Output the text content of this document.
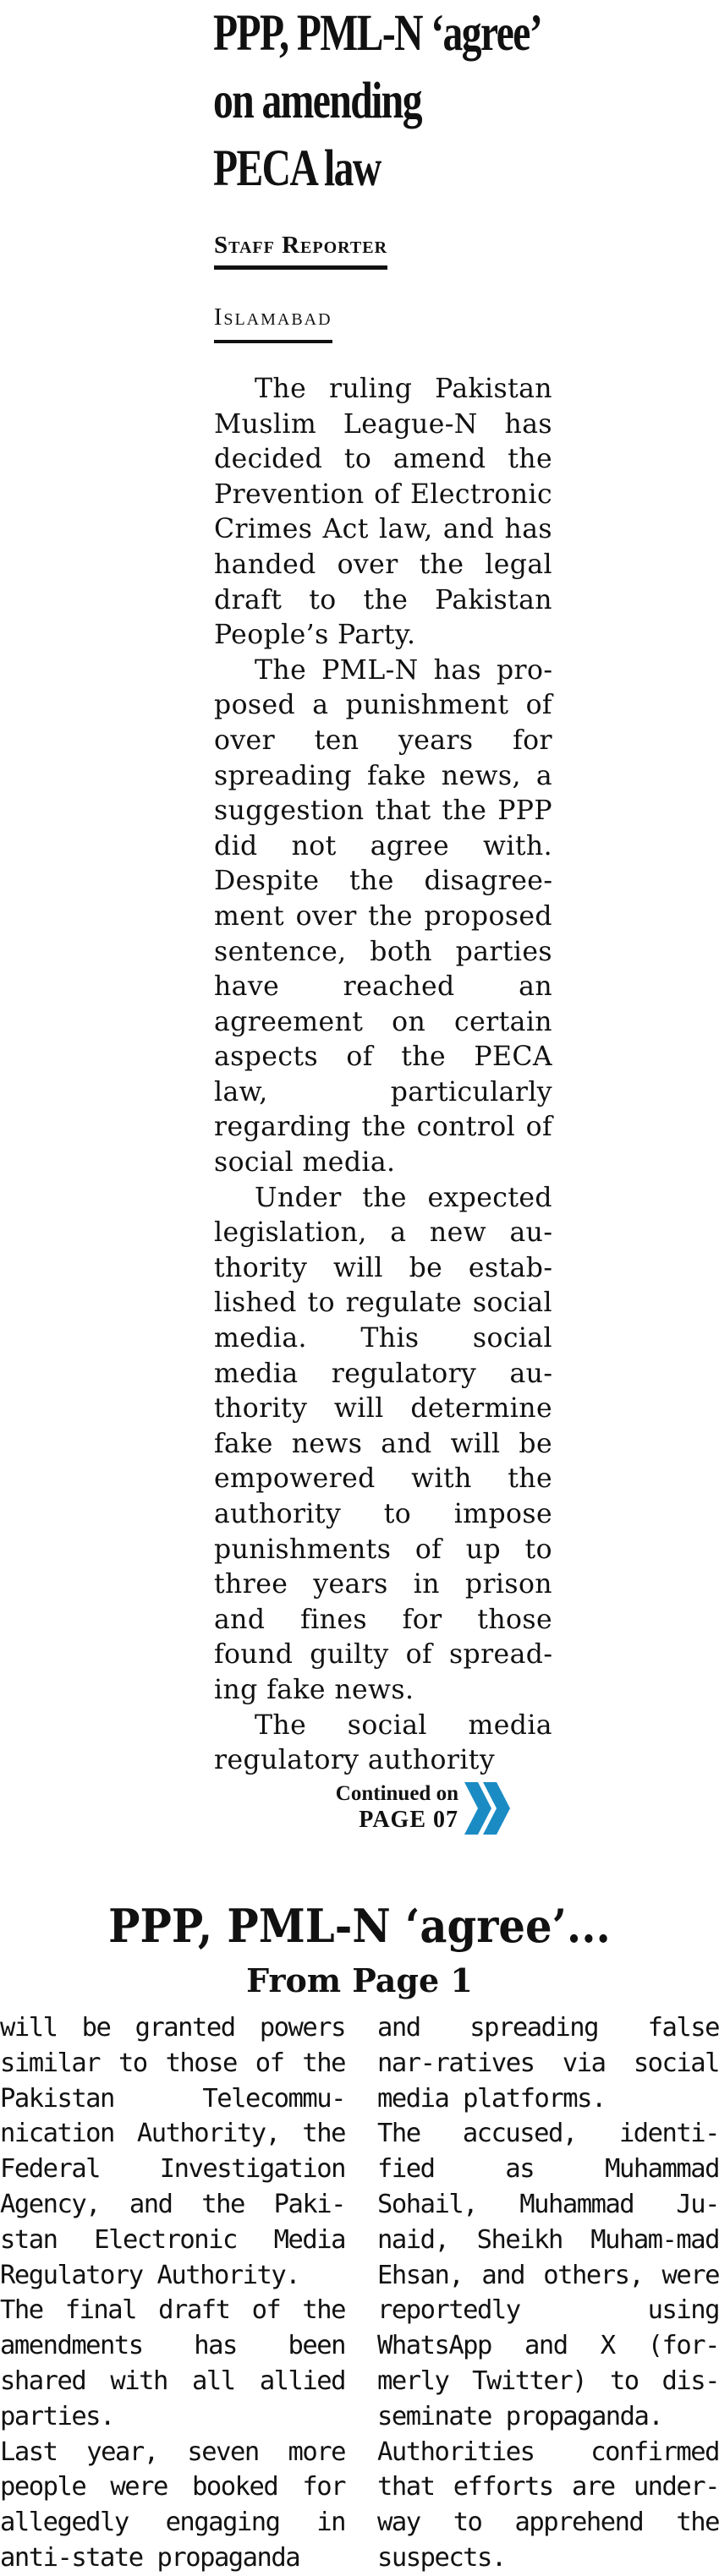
PPP, PML-N ‘agree’
on amending
PECA law
Staff Reporter
Islamabad

The ruling Pakistan Muslim League-N has decided to amend the Prevention of Electronic Crimes Act law, and has handed over the legal draft to the Pakistan People’s Party.

The PML-N has proposed a punishment of over ten years for spreading fake news, a suggestion that the PPP did not agree with. Despite the disagreement over the proposed sentence, both parties have reached an agreement on certain aspects of the PECA law, particularly regarding the control of social media.

Under the expected legislation, a new authority will be established to regulate social media. This social media regulatory authority will determine fake news and will be empowered with the authority to impose punishments of up to three years in prison and fines for those found guilty of spreading fake news.

The social media regulatory authority

Continued on
PAGE 07
PPP, PML-N ‘agree’...
From Page 1

will be granted powers similar to those of the Pakistan Telecommu-nication Authority, the Federal Investigation Agency, and the Paki-stan Electronic Media Regulatory Authority.

The final draft of the amendments has been shared with all allied parties.

Last year, seven more people were booked for allegedly engaging in anti-state propaganda

and spreading false nar-ratives via social media platforms.

The accused, identi-fied as Muhammad Sohail, Muhammad Ju-naid, Sheikh Muham-mad Ehsan, and others, were reportedly using WhatsApp and X (for-merly Twitter) to dis-seminate propaganda.

Authorities confirmed that efforts are under-way to apprehend the suspects.
